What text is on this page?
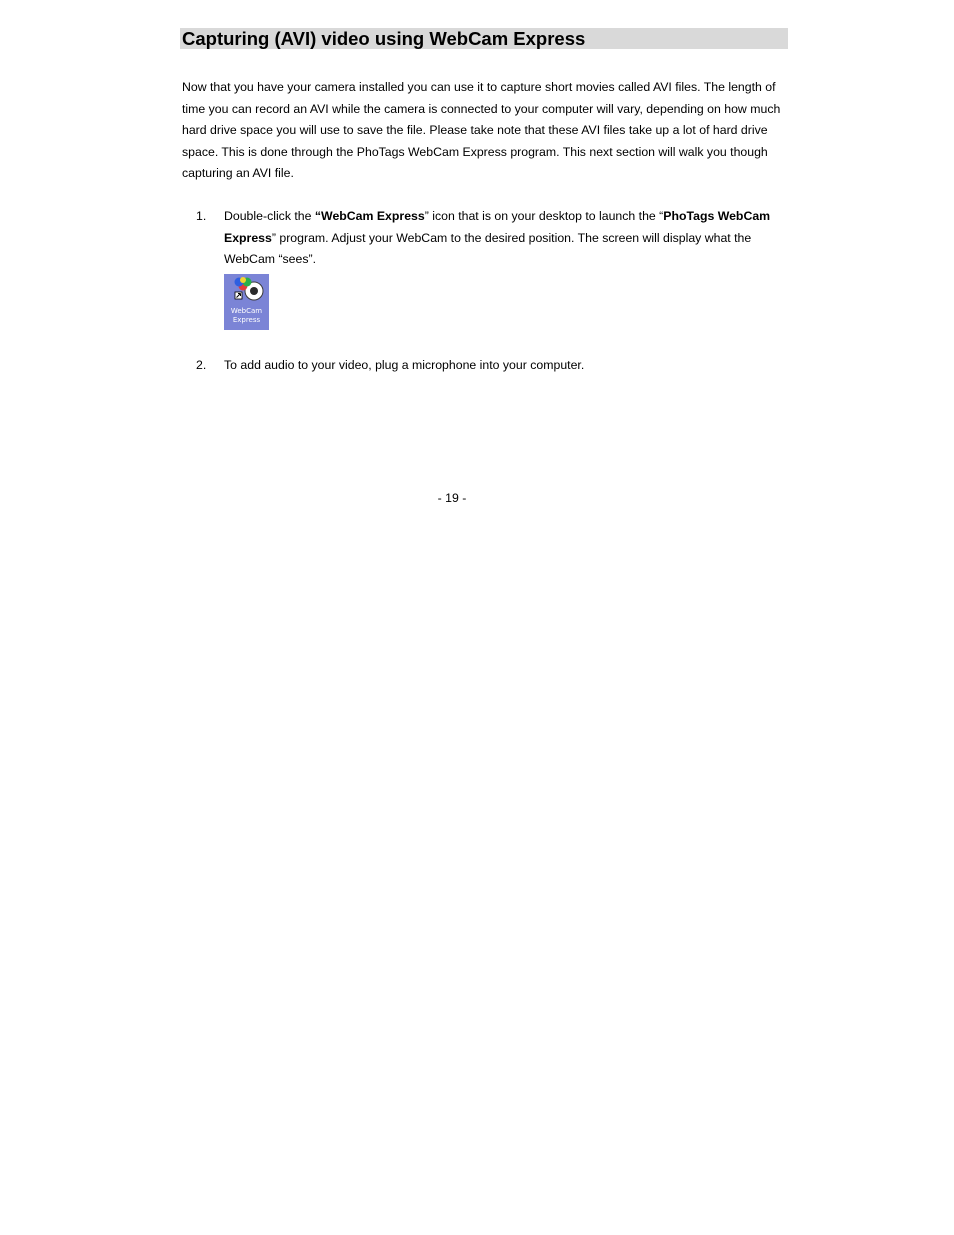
Capturing (AVI) video using WebCam Express

Now that you have your camera installed you can use it to capture short movies called AVI files. The length of time you can record an AVI while the camera is connected to your computer will vary, depending on how much hard drive space you will use to save the file. Please take note that these AVI files take up a lot of hard drive space. This is done through the PhoTags WebCam Express program. This next section will walk you though capturing an AVI file.

1. Double-click the “WebCam Express” icon that is on your desktop to launch the “PhoTags WebCam Express” program. Adjust your WebCam to the desired position. The screen will display what the WebCam “sees”.

WebCam
Express
2. To add audio to your video, plug a microphone into your computer.

- 19 -
